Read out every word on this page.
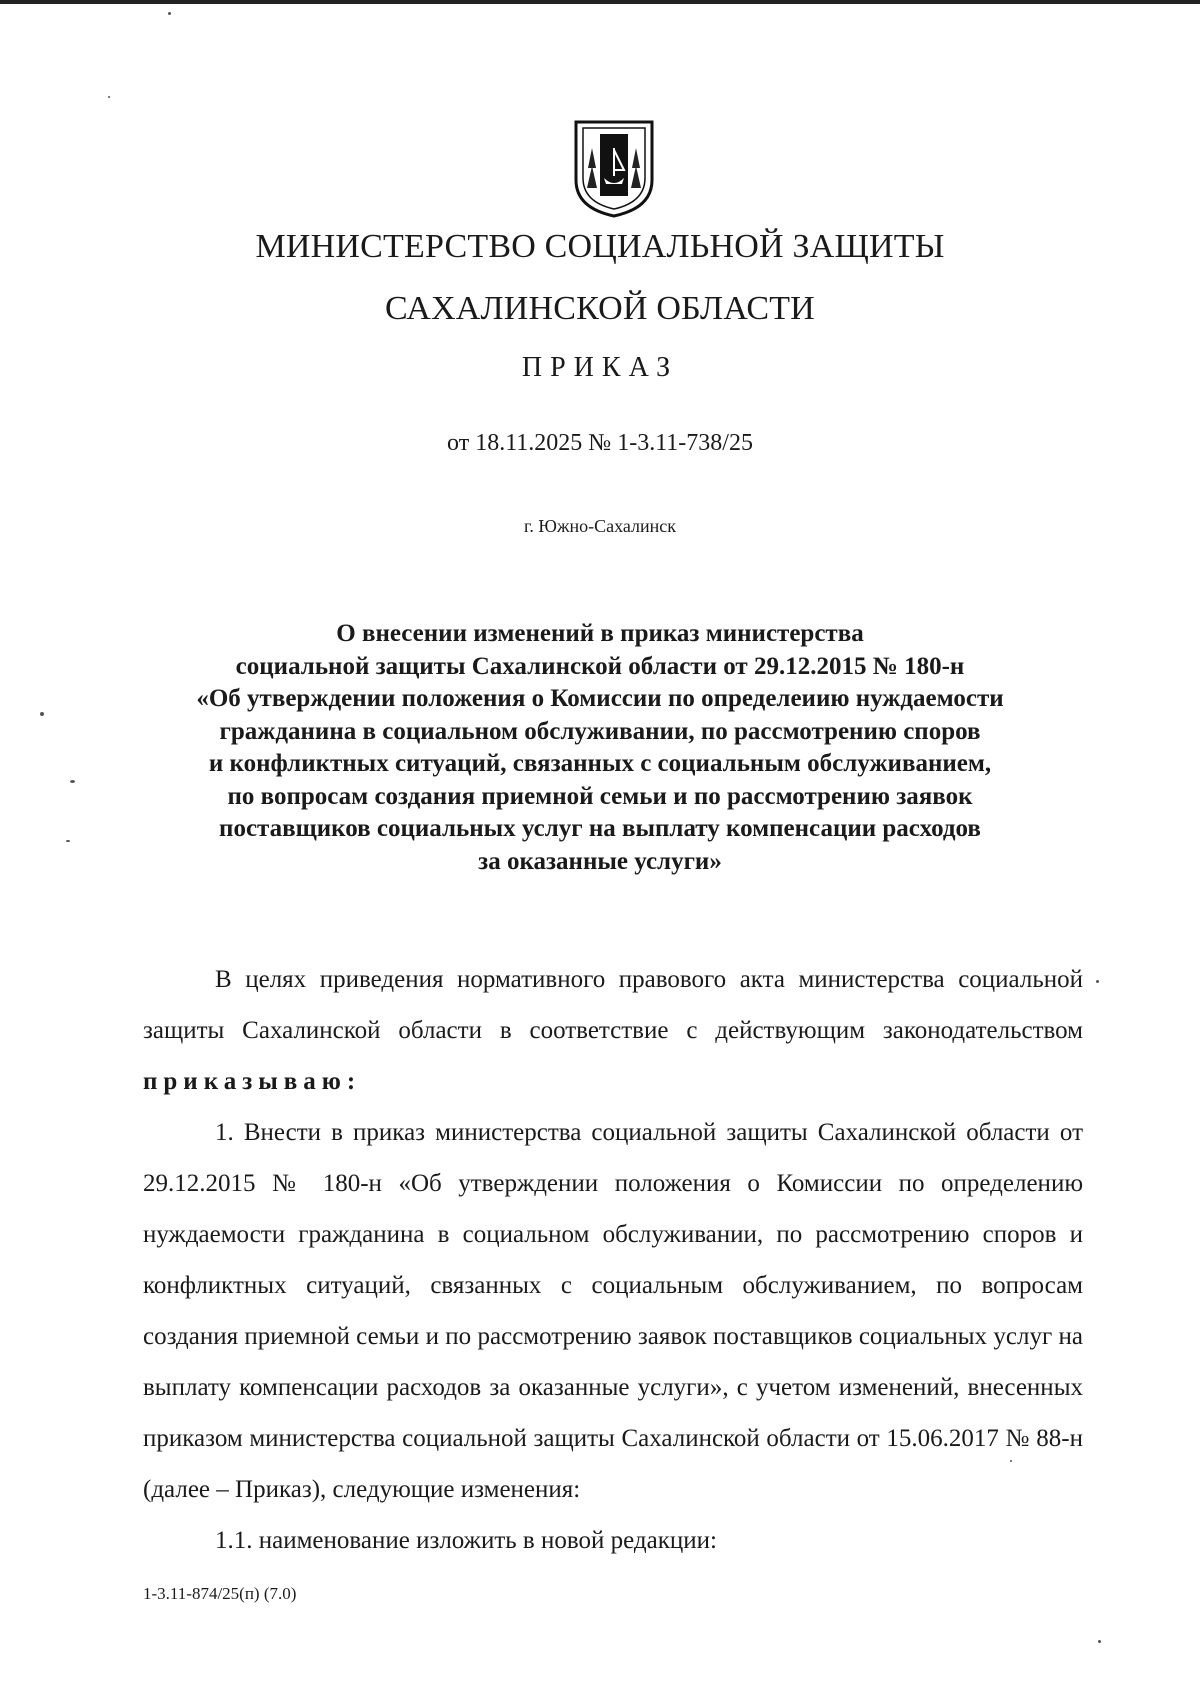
МИНИСТЕРСТВО СОЦИАЛЬНОЙ ЗАЩИТЫ
САХАЛИНСКОЙ ОБЛАСТИ
ПРИКАЗ
от 18.11.2025 № 1-3.11-738/25
г. Южно-Сахалинск
О внесении изменений в приказ министерства
социальной защиты Сахалинской области от 29.12.2015 № 180-н
«Об утверждении положения о Комиссии по определеиию нуждаемости
гражданина в социальном обслуживании, по рассмотрению споров
и конфликтных ситуаций, связанных с социальным обслуживанием,
по вопросам создания приемной семьи и по рассмотрению заявок
поставщиков социальных услуг на выплату компенсации расходов
за оказанные услуги»

В целях приведения нормативного правового акта министерства социальной защиты Сахалинской области в соответствие с действующим законодательством приказываю:

1. Внести в приказ министерства социальной защиты Сахалинской области от 29.12.2015 № 180-н «Об утверждении положения о Комиссии по определению нуждаемости гражданина в социальном обслуживании, по рассмотрению споров и конфликтных ситуаций, связанных с социальным обслуживанием, по вопросам создания приемной семьи и по рассмотрению заявок поставщиков социальных услуг на выплату компенсации расходов за оказанные услуги», с учетом изменений, внесенных приказом министерства социальной защиты Сахалинской области от 15.06.2017 № 88-н (далее – Приказ), следующие изменения:

1.1. наименование изложить в новой редакции:

1-3.11-874/25(п) (7.0)
